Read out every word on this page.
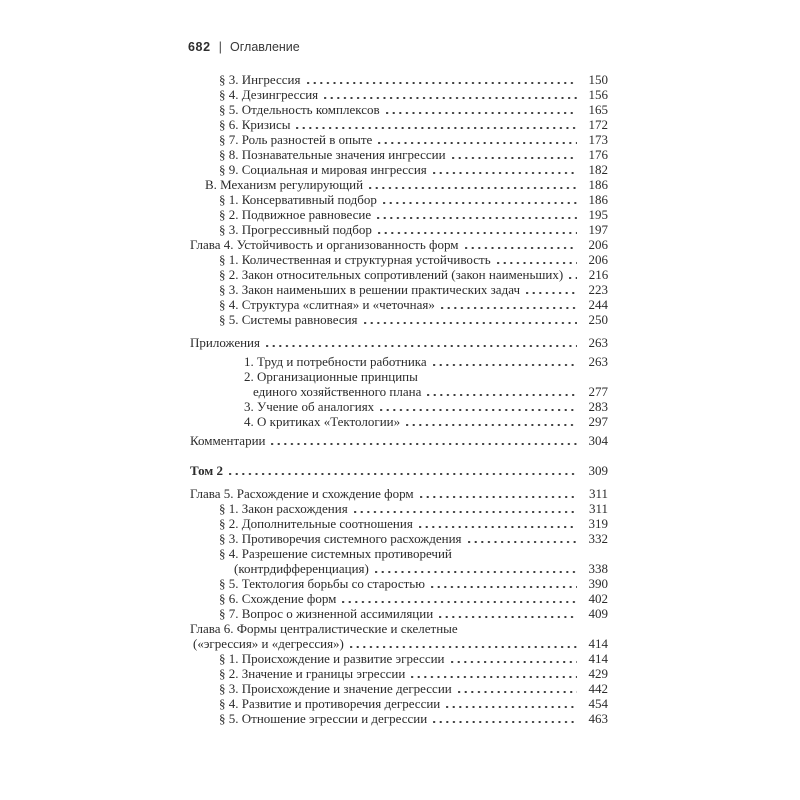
682 | Оглавление
§ 3. Ингрессия	150
§ 4. Дезингрессия	156
§ 5. Отдельность комплексов	165
§ 6. Кризисы	172
§ 7. Роль разностей в опыте	173
§ 8. Познавательные значения ингрессии	176
§ 9. Социальная и мировая ингрессия	182
В. Механизм регулирующий	186
§ 1. Консервативный подбор	186
§ 2. Подвижное равновесие	195
§ 3. Прогрессивный подбор	197
Глава 4. Устойчивость и организованность форм	206
§ 1. Количественная и структурная устойчивость	206
§ 2. Закон относительных сопротивлений (закон наименьших)	216
§ 3. Закон наименьших в решении практических задач	223
§ 4. Структура «слитная» и «четочная»	244
§ 5. Системы равновесия	250
Приложения	263
1. Труд и потребности работника	263
2. Организационные принципы
единого хозяйственного плана	277
3. Учение об аналогиях	283
4. О критиках «Тектологии»	297
Комментарии	304
Том 2	309
Глава 5. Расхождение и схождение форм	311
§ 1. Закон расхождения	311
§ 2. Дополнительные соотношения	319
§ 3. Противоречия системного расхождения	332
§ 4. Разрешение системных противоречий
(контрдифференциация)	338
§ 5. Тектология борьбы со старостью	390
§ 6. Схождение форм	402
§ 7. Вопрос о жизненной ассимиляции	409
Глава 6. Формы централистические и скелетные
(«эгрессия» и «дегрессия»)	414
§ 1. Происхождение и развитие эгрессии	414
§ 2. Значение и границы эгрессии	429
§ 3. Происхождение и значение дегрессии	442
§ 4. Развитие и противоречия дегрессии	454
§ 5. Отношение эгрессии и дегрессии	463
